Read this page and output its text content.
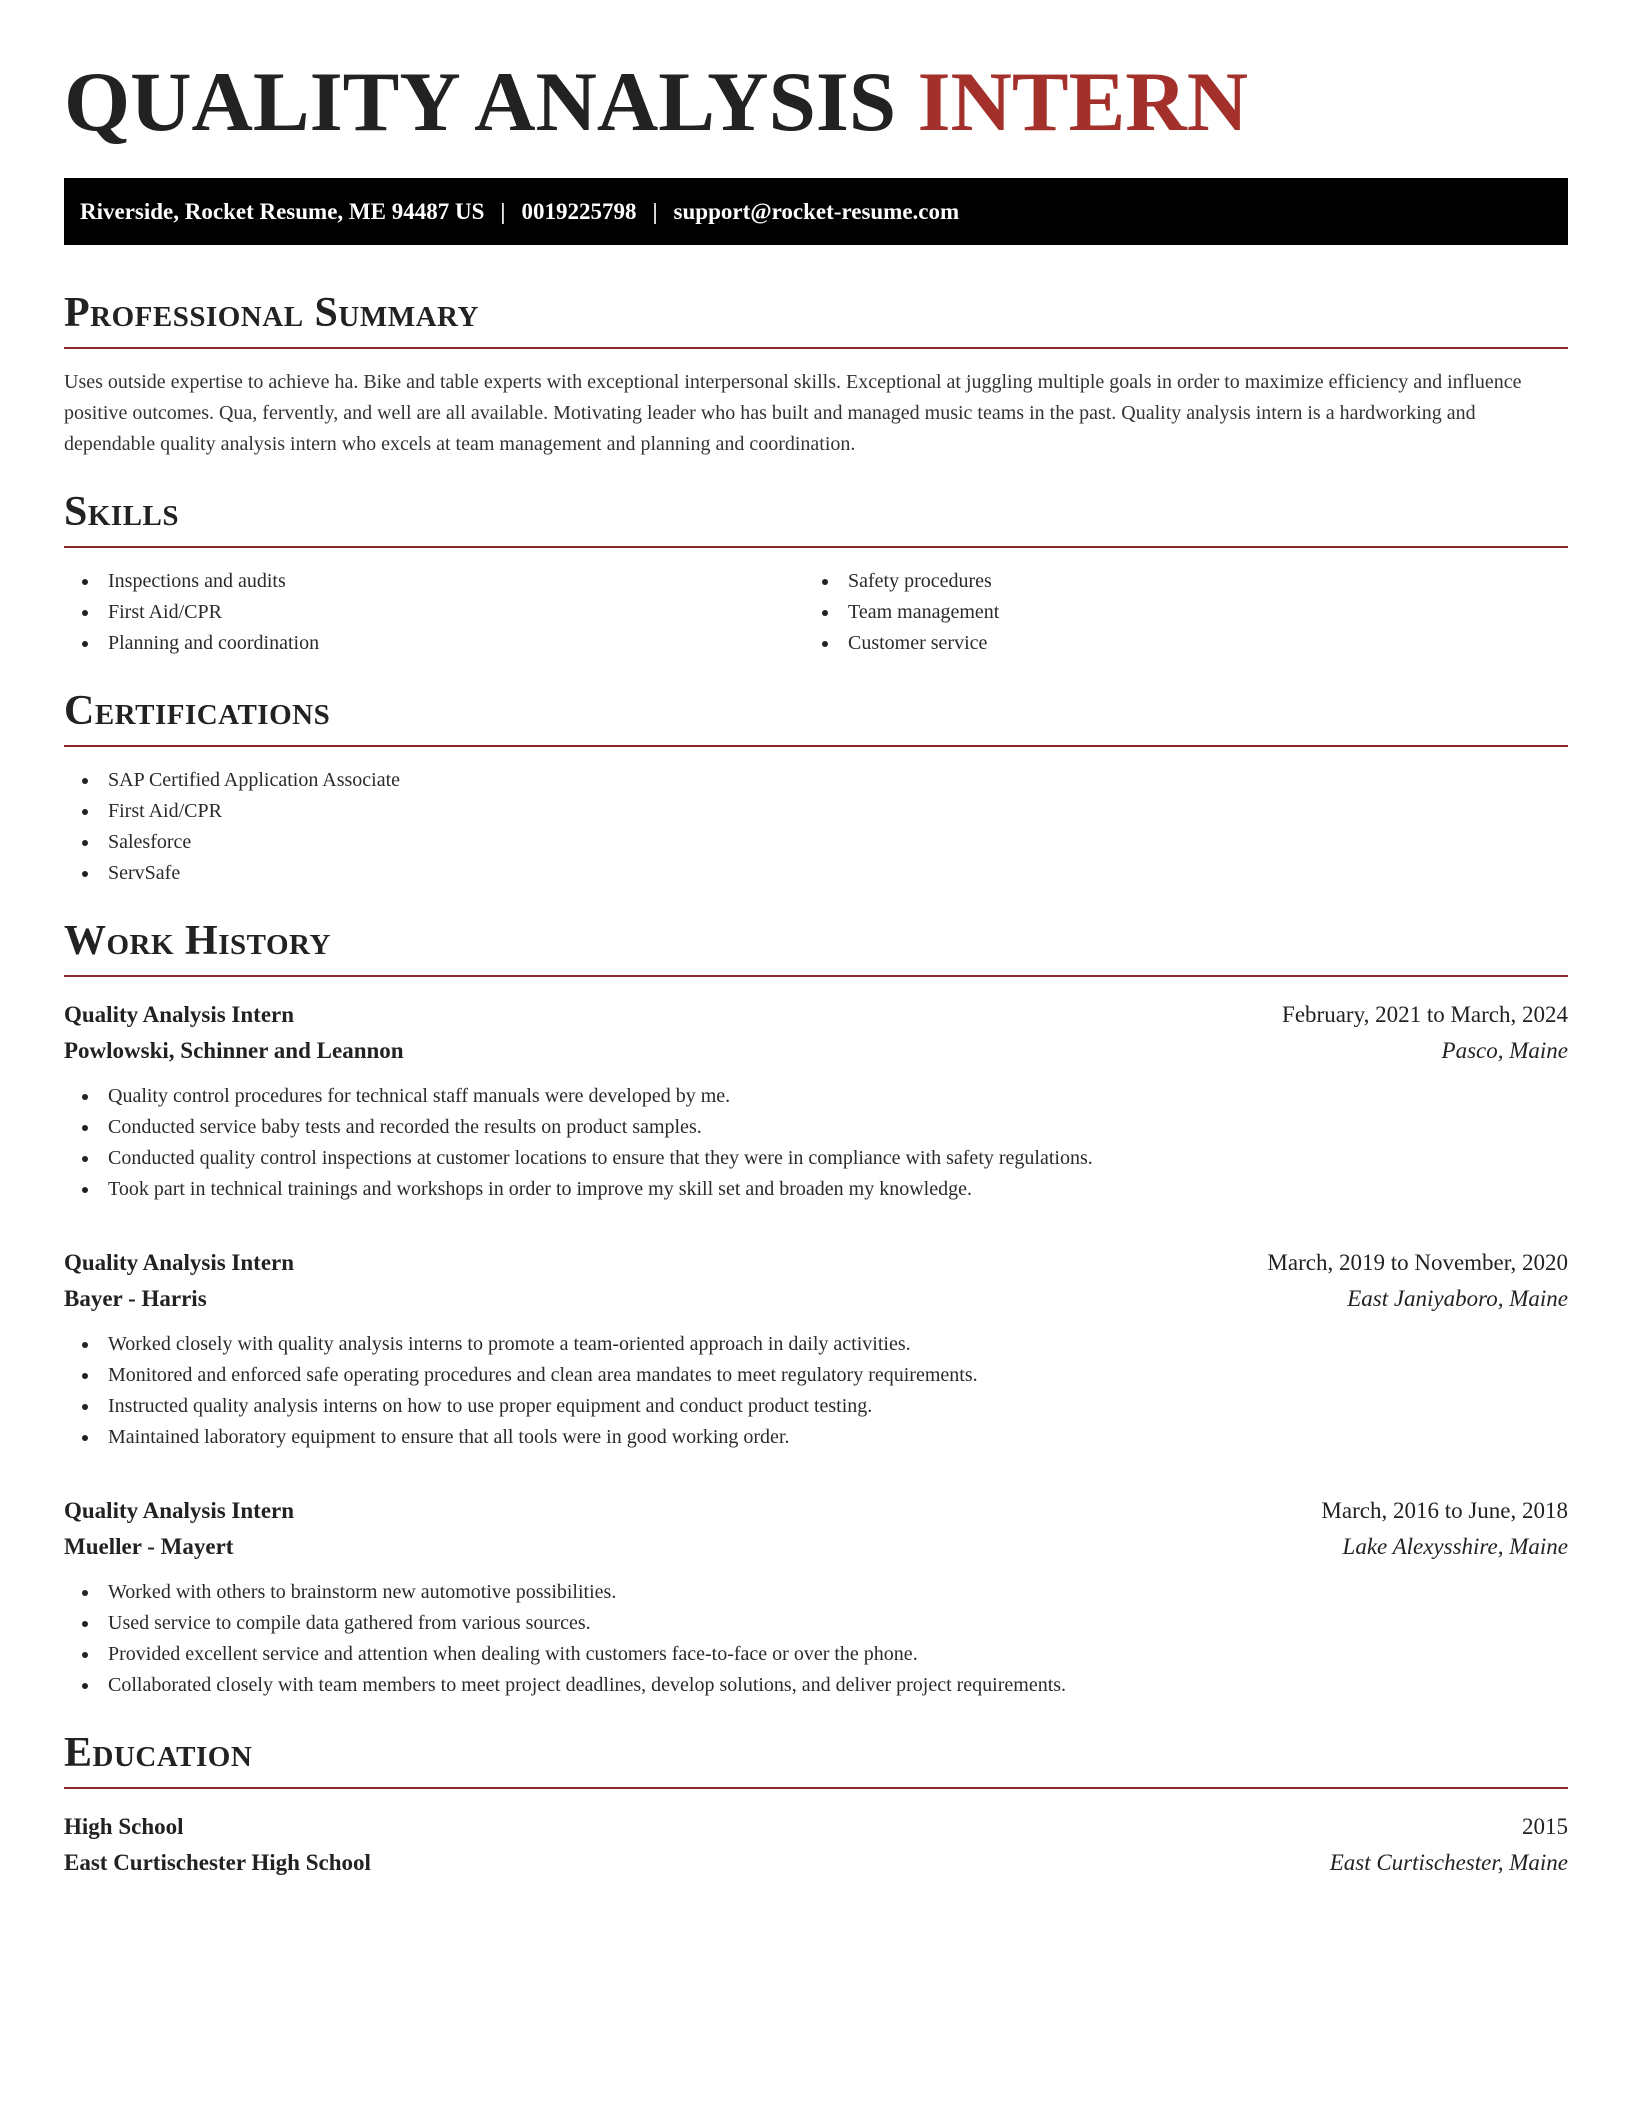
QUALITY ANALYSIS INTERN
Riverside, Rocket Resume, ME 94487 US | 0019225798 | support@rocket-resume.com
Professional Summary

Uses outside expertise to achieve ha. Bike and table experts with exceptional interpersonal skills. Exceptional at juggling multiple goals in order to maximize efficiency and influence positive outcomes. Qua, fervently, and well are all available. Motivating leader who has built and managed music teams in the past. Quality analysis intern is a hardworking and dependable quality analysis intern who excels at team management and planning and coordination.

Skills
Inspections and audits
First Aid/CPR
Planning and coordination
Safety procedures
Team management
Customer service
Certifications
SAP Certified Application Associate
First Aid/CPR
Salesforce
ServSafe
Work History
Quality Analysis Intern	February, 2021 to March, 2024
Powlowski, Schinner and Leannon	Pasco, Maine
Quality control procedures for technical staff manuals were developed by me.
Conducted service baby tests and recorded the results on product samples.
Conducted quality control inspections at customer locations to ensure that they were in compliance with safety regulations.
Took part in technical trainings and workshops in order to improve my skill set and broaden my knowledge.
Quality Analysis Intern	March, 2019 to November, 2020
Bayer - Harris	East Janiyaboro, Maine
Worked closely with quality analysis interns to promote a team-oriented approach in daily activities.
Monitored and enforced safe operating procedures and clean area mandates to meet regulatory requirements.
Instructed quality analysis interns on how to use proper equipment and conduct product testing.
Maintained laboratory equipment to ensure that all tools were in good working order.
Quality Analysis Intern	March, 2016 to June, 2018
Mueller - Mayert	Lake Alexysshire, Maine
Worked with others to brainstorm new automotive possibilities.
Used service to compile data gathered from various sources.
Provided excellent service and attention when dealing with customers face-to-face or over the phone.
Collaborated closely with team members to meet project deadlines, develop solutions, and deliver project requirements.
Education
High School	2015
East Curtischester High School	East Curtischester, Maine
